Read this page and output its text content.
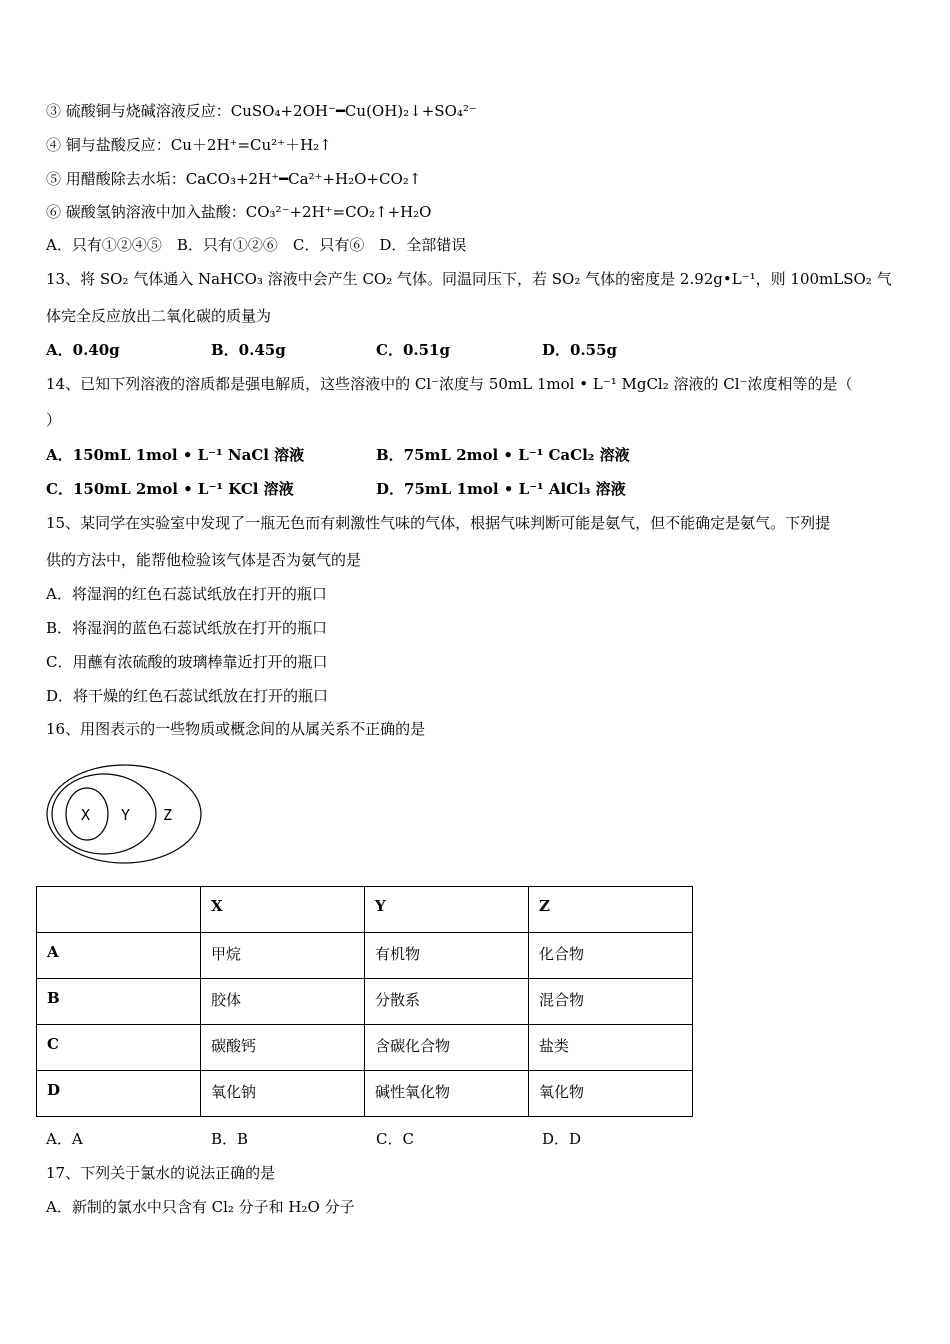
③ 硫酸铜与烧碱溶液反应：CuSO₄+2OH⁻━Cu(OH)₂↓+SO₄²⁻
④ 铜与盐酸反应：Cu＋2H⁺=Cu²⁺＋H₂↑
⑤ 用醋酸除去水垢：CaCO₃+2H⁺━Ca²⁺+H₂O+CO₂↑
⑥ 碳酸氢钠溶液中加入盐酸：CO₃²⁻+2H⁺=CO₂↑+H₂O
A．只有①②④⑤　B．只有①②⑥　C．只有⑥　D．全部错误
13、将 SO₂ 气体通入 NaHCO₃ 溶液中会产生 CO₂ 气体。同温同压下，若 SO₂ 气体的密度是 2.92g•L⁻¹，则 100mLSO₂ 气
体完全反应放出二氧化碳的质量为
A．0.40g	B．0.45g	C．0.51g	D．0.55g
14、已知下列溶液的溶质都是强电解质，这些溶液中的 Cl⁻浓度与 50mL 1mol • L⁻¹ MgCl₂ 溶液的 Cl⁻浓度相等的是（
）
A．150mL 1mol • L⁻¹ NaCl 溶液	B．75mL 2mol • L⁻¹ CaCl₂ 溶液
C．150mL 2mol • L⁻¹ KCl 溶液	D．75mL 1mol • L⁻¹ AlCl₃ 溶液
15、某同学在实验室中发现了一瓶无色而有刺激性气味的气体，根据气味判断可能是氨气，但不能确定是氨气。下列提
供的方法中，能帮他检验该气体是否为氨气的是
A．将湿润的红色石蕊试纸放在打开的瓶口
B．将湿润的蓝色石蕊试纸放在打开的瓶口
C．用蘸有浓硫酸的玻璃棒靠近打开的瓶口
D．将干燥的红色石蕊试纸放在打开的瓶口
16、用图表示的一些物质或概念间的从属关系不正确的是
X Y Z
	X	Y	Z
A	甲烷	有机物	化合物
B	胶体	分散系	混合物
C	碳酸钙	含碳化合物	盐类
D	氧化钠	碱性氧化物	氧化物
A．A	B．B	C．C	D．D
17、下列关于氯水的说法正确的是
A．新制的氯水中只含有 Cl₂ 分子和 H₂O 分子
